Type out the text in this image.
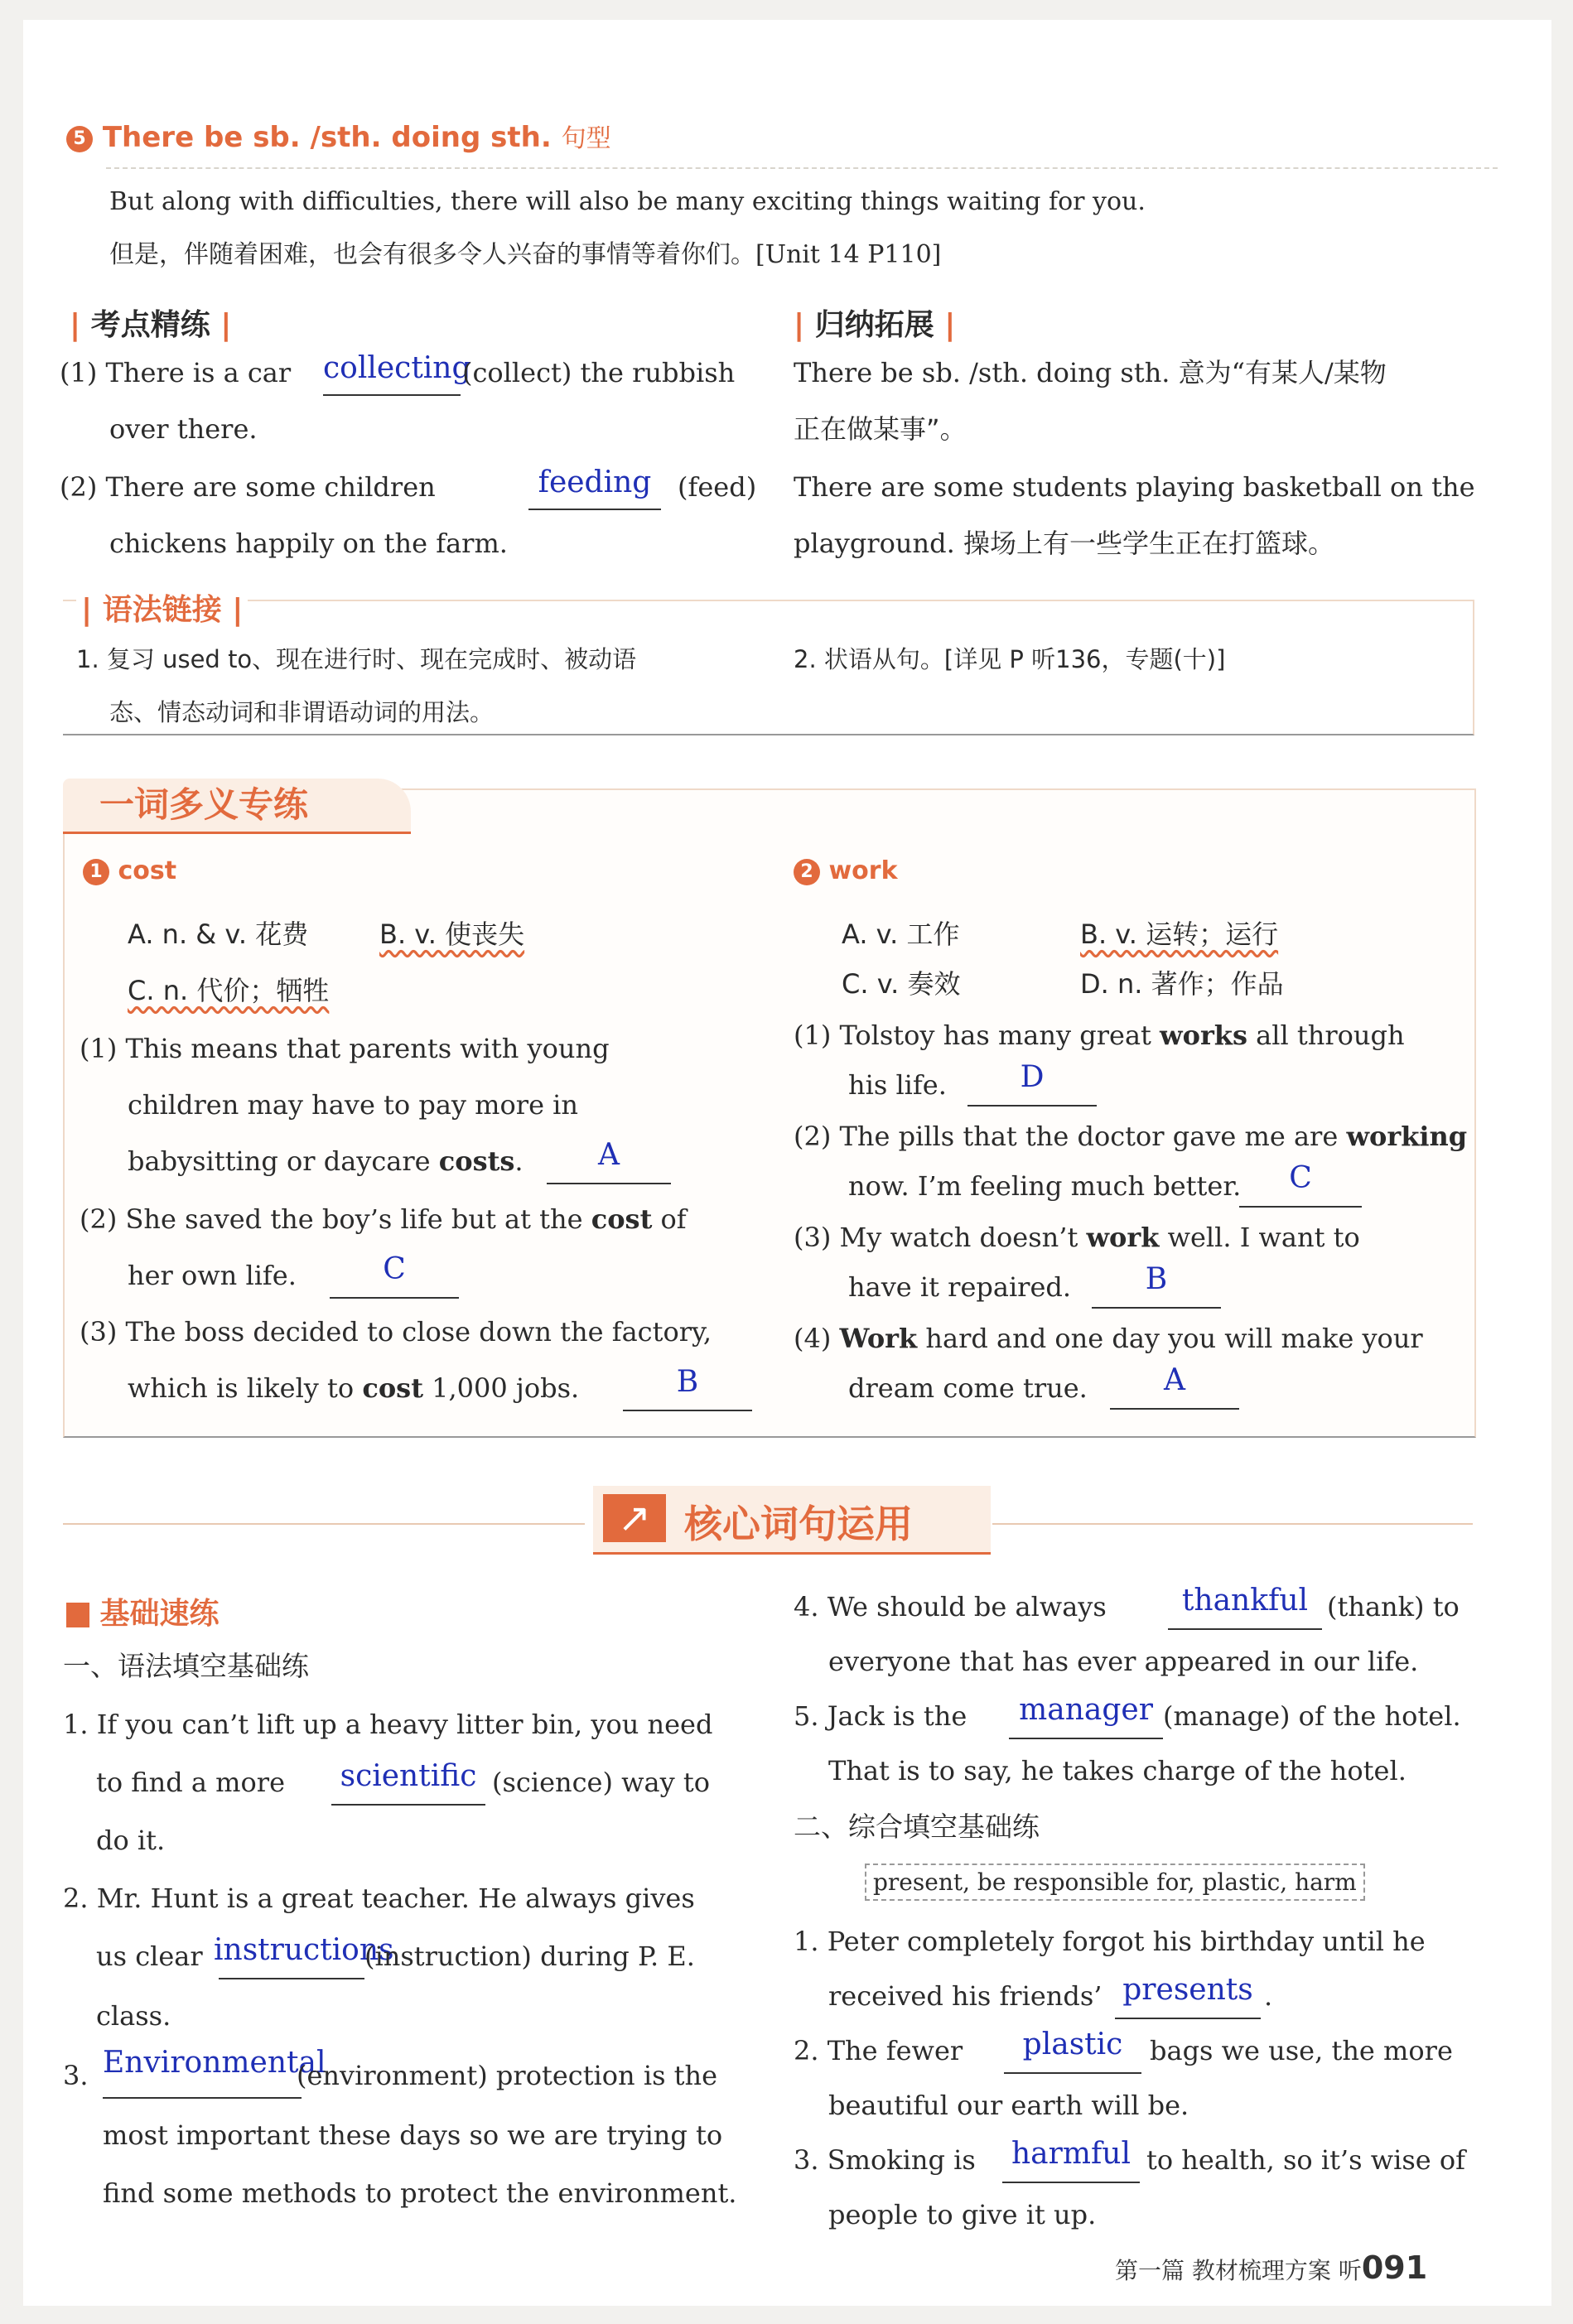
5 There be sb. /sth. doing sth. 句型
But along with difficulties, there will also be many exciting things waiting for you.
但是，伴随着困难，也会有很多令人兴奋的事情等着你们。[Unit 14 P110]
| 考点精练 |
(1) There is a car collecting
(collect) the rubbish
over there.
(2) There are some children	feeding (feed)
chickens happily on the farm.
| 归纳拓展 |
There be sb. /sth. doing sth. 意为“有某人/某物
正在做某事”。
There are some students playing basketball on the
playground. 操场上有一些学生正在打篮球。
| 语法链接 |
1. 复习 used to、现在进行时、现在完成时、被动语
态、情态动词和非谓语动词的用法。
2. 状语从句。[详见 P 听136，专题(十)]
一词多义专练
1 cost
A. n. & v. 花费	B. v. 使丧失
C. n. 代价；牺牲
(1) This means that parents with young
children may have to pay more in
babysitting or daycare costs.	A
(2) She saved the boy’s life but at the cost of
her own life.	C
(3) The boss decided to close down the factory,
which is likely to cost 1,000 jobs.	B
2 work
A. v. 工作	B. v. 运转；运行
C. v. 奏效	D. n. 著作；作品
(1) Tolstoy has many great works all through
his life.	D
(2) The pills that the doctor gave me are working
now. I’m feeling much better.	C
(3) My watch doesn’t work well. I want to
have it repaired.	B
(4) Work hard and one day you will make your
dream come true.	A
↗ 核心词句运用
基础速练
一、语法填空基础练
1. If you can’t lift up a heavy litter bin, you need
to find a more scientific (science) way to
do it.
2. Mr. Hunt is a great teacher. He always gives
us clear instructions
(instruction) during P. E.
class.
3. Environmental
(environment) protection is the
most important these days so we are trying to
find some methods to protect the environment.
4. We should be always	thankful (thank) to
everyone that has ever appeared in our life.
5. Jack is the	manager (manage) of the hotel.
That is to say, he takes charge of the hotel.
二、综合填空基础练
present, be responsible for, plastic, harm
1. Peter completely forgot his birthday until he
received his friends’ presents .
2. The fewer	plastic	bags we use, the more
beautiful our earth will be.
3. Smoking is	harmful to health, so it’s wise of
people to give it up.
第一篇 教材梳理方案 听091
